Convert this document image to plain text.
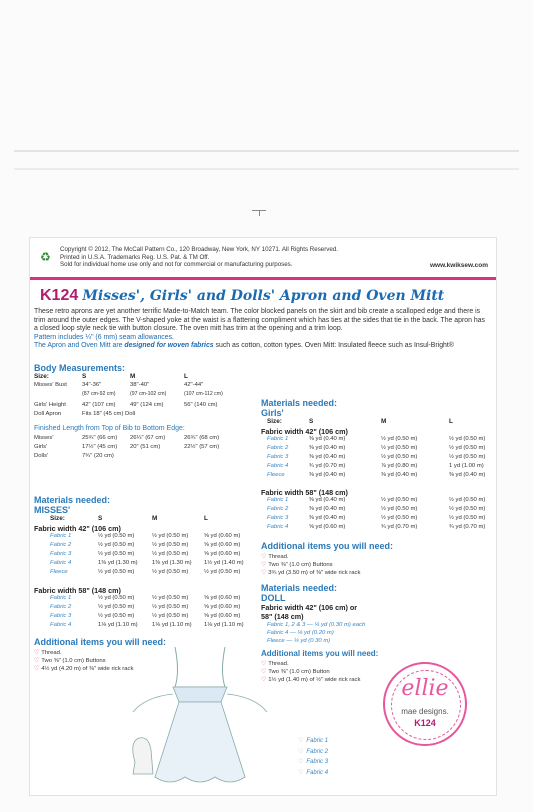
♻
Copyright © 2012, The McCall Pattern Co., 120 Broadway, New York, NY 10271. All Rights Reserved.
Printed in U.S.A. Trademarks Reg. U.S. Pat. & TM Off.
Sold for individual home use only and not for commercial or manufacturing purposes.	www.kwiksew.com
K124 Misses', Girls' and Dolls' Apron and Oven Mitt
These retro aprons are yet another terrific Made-to-Match team. The color blocked panels on the skirt and bib create a scalloped edge and there is trim around the outer edges. The V-shaped yoke at the waist is a flattering compliment which has ties at the sides that tie in the back. The apron has a closed loop style neck tie with button closure. The oven mitt has trim at the opening and a trim loop.
Pattern includes ¼" (6 mm) seam allowances.
The Apron and Oven Mitt are designed for woven fabrics such as cotton, cotton types. Oven Mitt: Insulated fleece such as Insul-Bright®
Body Measurements:
Size:	S	M	L
Misses' Bust	34"-36"	38"-40"	42"-44"
(87 cm-92 cm)	(97 cm-102 cm)	(107 cm-112 cm)
Girls' Height	42" (107 cm) 49" (124 cm)	56" (140 cm)
Doll Apron	Fits 18" (45 cm) Doll
Finished Length from Top of Bib to Bottom Edge:
Misses'	25¾" (66 cm) 26¼" (67 cm)	26¾" (68 cm)
Girls'	17½" (45 cm) 20" (51 cm)	22½" (57 cm)
Dolls'	7¾" (20 cm)
Materials needed:
MISSES'
Size:	S	M	L
Fabric width 42" (106 cm)
Fabric 1	½ yd (0.50 m)	½ yd (0.50 m)	⅝ yd (0.60 m)
Fabric 2	½ yd (0.50 m)	½ yd (0.50 m)	⅝ yd (0.60 m)
Fabric 3	½ yd (0.50 m)	½ yd (0.50 m)	⅝ yd (0.60 m)
Fabric 4	1⅜ yd (1.30 m) 1⅜ yd (1.30 m) 1½ yd (1.40 m)
Fleece	½ yd (0.50 m)	½ yd (0.50 m)	½ yd (0.50 m)
Fabric width 58" (148 cm)
Fabric 1	½ yd (0.50 m)	½ yd (0.50 m)	⅝ yd (0.60 m)
Fabric 2	½ yd (0.50 m)	½ yd (0.50 m)	⅝ yd (0.60 m)
Fabric 3	½ yd (0.50 m)	½ yd (0.50 m)	⅝ yd (0.60 m)
Fabric 4	1⅛ yd (1.10 m) 1⅛ yd (1.10 m) 1⅛ yd (1.10 m)
Additional items you will need:
♡ Thread.
♡ Two ⅜" (1.0 cm) Buttons
♡ 4½ yd (4.20 m) of ⅜" wide rick rack
Materials needed:
Girls'
Size:	S	M	L
Fabric width 42" (106 cm)
Fabric 1	⅜ yd (0.40 m)	½ yd (0.50 m)	½ yd (0.50 m)
Fabric 2	⅜ yd (0.40 m)	½ yd (0.50 m)	½ yd (0.50 m)
Fabric 3	⅜ yd (0.40 m)	½ yd (0.50 m)	½ yd (0.50 m)
Fabric 4	¾ yd (0.70 m)	⅞ yd (0.80 m)	1 yd (1.00 m)
Fleece	⅜ yd (0.40 m)	⅜ yd (0.40 m)	⅜ yd (0.40 m)
Fabric width 58" (148 cm)
Fabric 1	⅜ yd (0.40 m)	½ yd (0.50 m)	½ yd (0.50 m)
Fabric 2	⅜ yd (0.40 m)	½ yd (0.50 m)	½ yd (0.50 m)
Fabric 3	⅜ yd (0.40 m)	½ yd (0.50 m)	½ yd (0.50 m)
Fabric 4	⅝ yd (0.60 m)	¾ yd (0.70 m)	¾ yd (0.70 m)
Additional items you will need:
♡ Thread.
♡ Two ⅜" (1.0 cm) Buttons
♡ 3¾ yd (3.50 m) of ⅜" wide rick rack
Materials needed:
DOLL
Fabric width 42" (106 cm) or
58" (148 cm)
Fabric 1, 2 & 3 — ¼ yd (0.30 m) each
Fabric 4 — ⅛ yd (0.20 m)
Fleece — ¼ yd (0.30 m)
Additional items you will need:
♡ Thread.
♡ Two ⅜" (1.0 cm) Button
♡ 1½ yd (1.40 m) of ½" wide rick rack
♡ Fabric 1
♡ Fabric 2
♡ Fabric 3
♡ Fabric 4
ellie
mae designs.
K124
